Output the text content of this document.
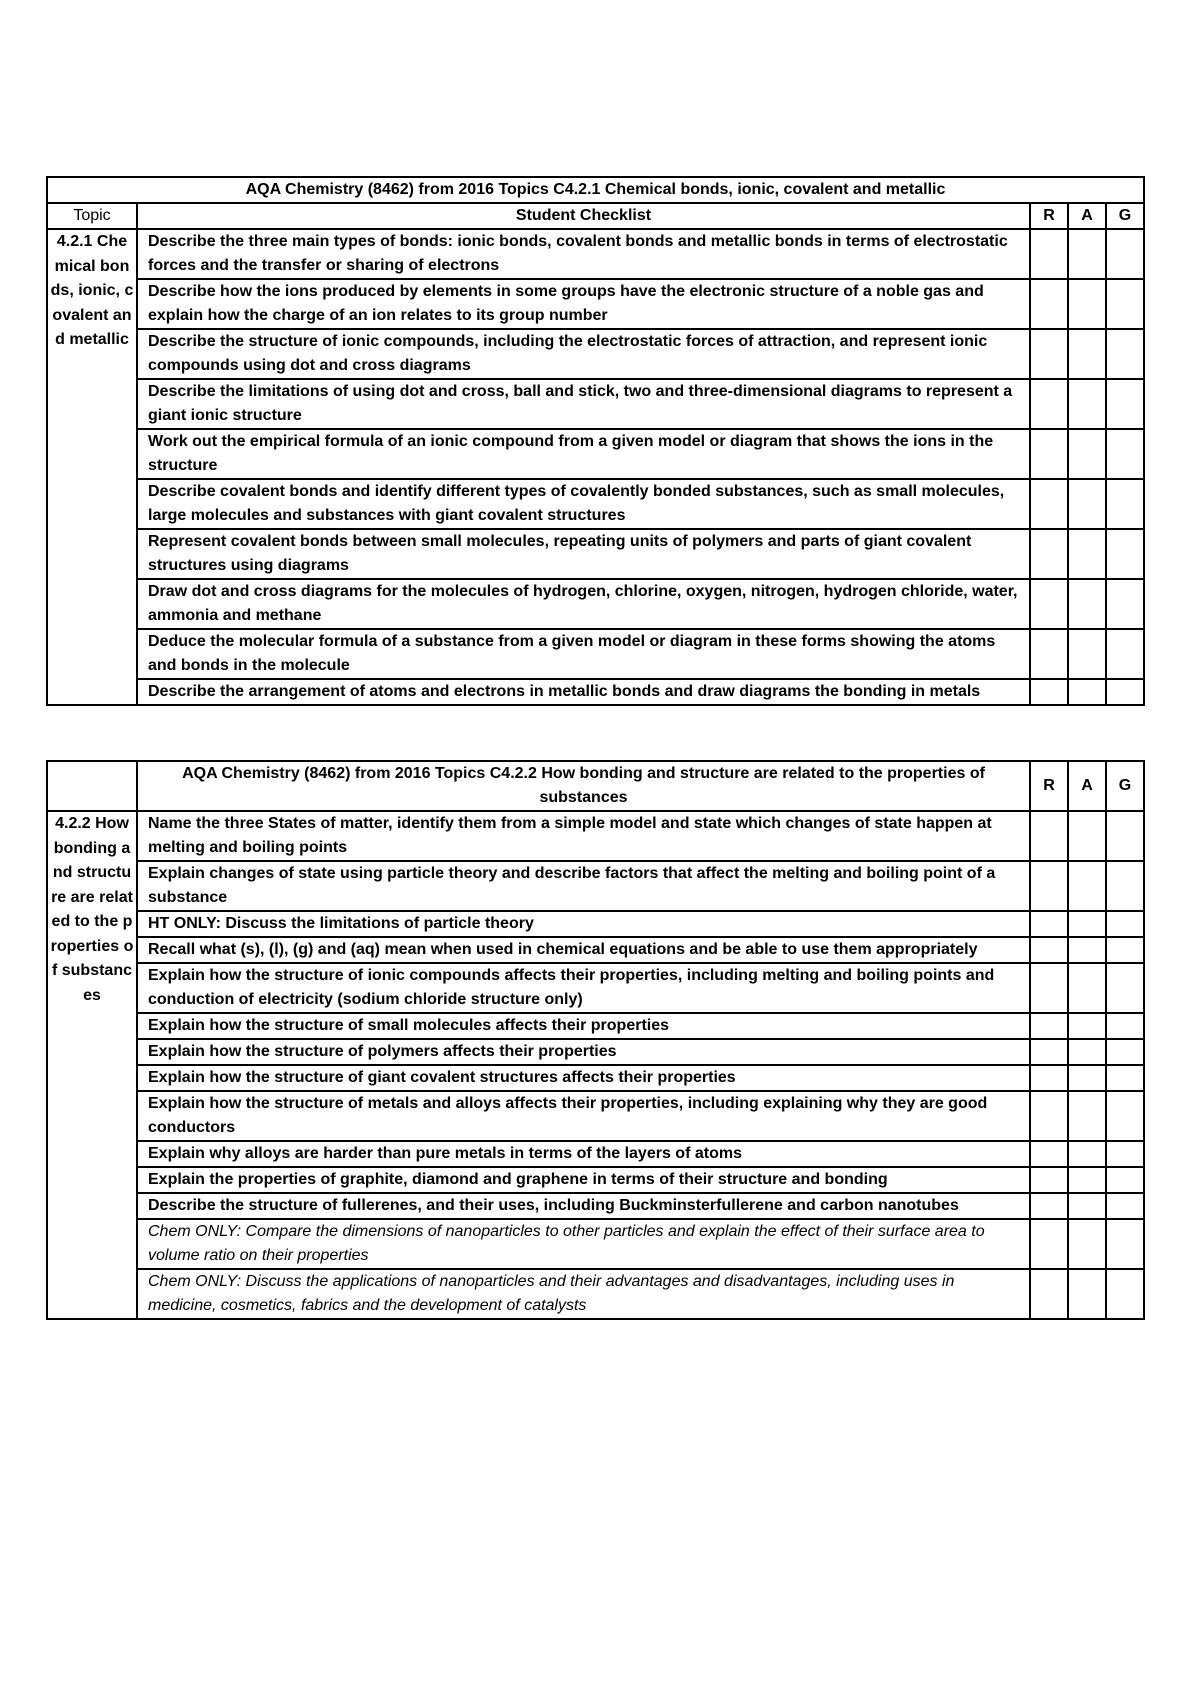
AQA Chemistry (8462) from 2016 Topics C4.2.1 Chemical bonds, ionic, covalent and metallic				
Topic	Student Checklist	R	A	G
4.2.1 Chemical bonds, ionic, covalent and metallic	Describe the three main types of bonds: ionic bonds, covalent bonds and metallic bonds in terms of electrostatic forces and the transfer or sharing of electrons			
	Describe how the ions produced by elements in some groups have the electronic structure of a noble gas and explain how the charge of an ion relates to its group number			
	Describe the structure of ionic compounds, including the electrostatic forces of attraction, and represent ionic compounds using dot and cross diagrams			
	Describe the limitations of using dot and cross, ball and stick, two and three-dimensional diagrams to represent a giant ionic structure			
	Work out the empirical formula of an ionic compound from a given model or diagram that shows the ions in the structure			
	Describe covalent bonds and identify different types of covalently bonded substances, such as small molecules, large molecules and substances with giant covalent structures			
	Represent covalent bonds between small molecules, repeating units of polymers and parts of giant covalent structures using diagrams			
	Draw dot and cross diagrams for the molecules of hydrogen, chlorine, oxygen, nitrogen, hydrogen chloride, water, ammonia and methane			
	Deduce the molecular formula of a substance from a given model or diagram in these forms showing the atoms and bonds in the molecule			
	Describe the arrangement of atoms and electrons in metallic bonds and draw diagrams the bonding in metals			
	AQA Chemistry (8462) from 2016 Topics C4.2.2 How bonding and structure are related to the properties of substances	R	A	G
4.2.2 How bonding and structure are related to the properties of substances	Name the three States of matter, identify them from a simple model and state which changes of state happen at melting and boiling points			
	Explain changes of state using particle theory and describe factors that affect the melting and boiling point of a substance			
	HT ONLY: Discuss the limitations of particle theory			
	Recall what (s), (l), (g) and (aq) mean when used in chemical equations and be able to use them appropriately			
	Explain how the structure of ionic compounds affects their properties, including melting and boiling points and conduction of electricity (sodium chloride structure only)			
	Explain how the structure of small molecules affects their properties			
	Explain how the structure of polymers affects their properties			
	Explain how the structure of giant covalent structures affects their properties			
	Explain how the structure of metals and alloys affects their properties, including explaining why they are good conductors			
	Explain why alloys are harder than pure metals in terms of the layers of atoms			
	Explain the properties of graphite, diamond and graphene in terms of their structure and bonding			
	Describe the structure of fullerenes, and their uses, including Buckminsterfullerene and carbon nanotubes			
	Chem ONLY: Compare the dimensions of nanoparticles to other particles and explain the effect of their surface area to volume ratio on their properties			
	Chem ONLY: Discuss the applications of nanoparticles and their advantages and disadvantages, including uses in medicine, cosmetics, fabrics and the development of catalysts			
